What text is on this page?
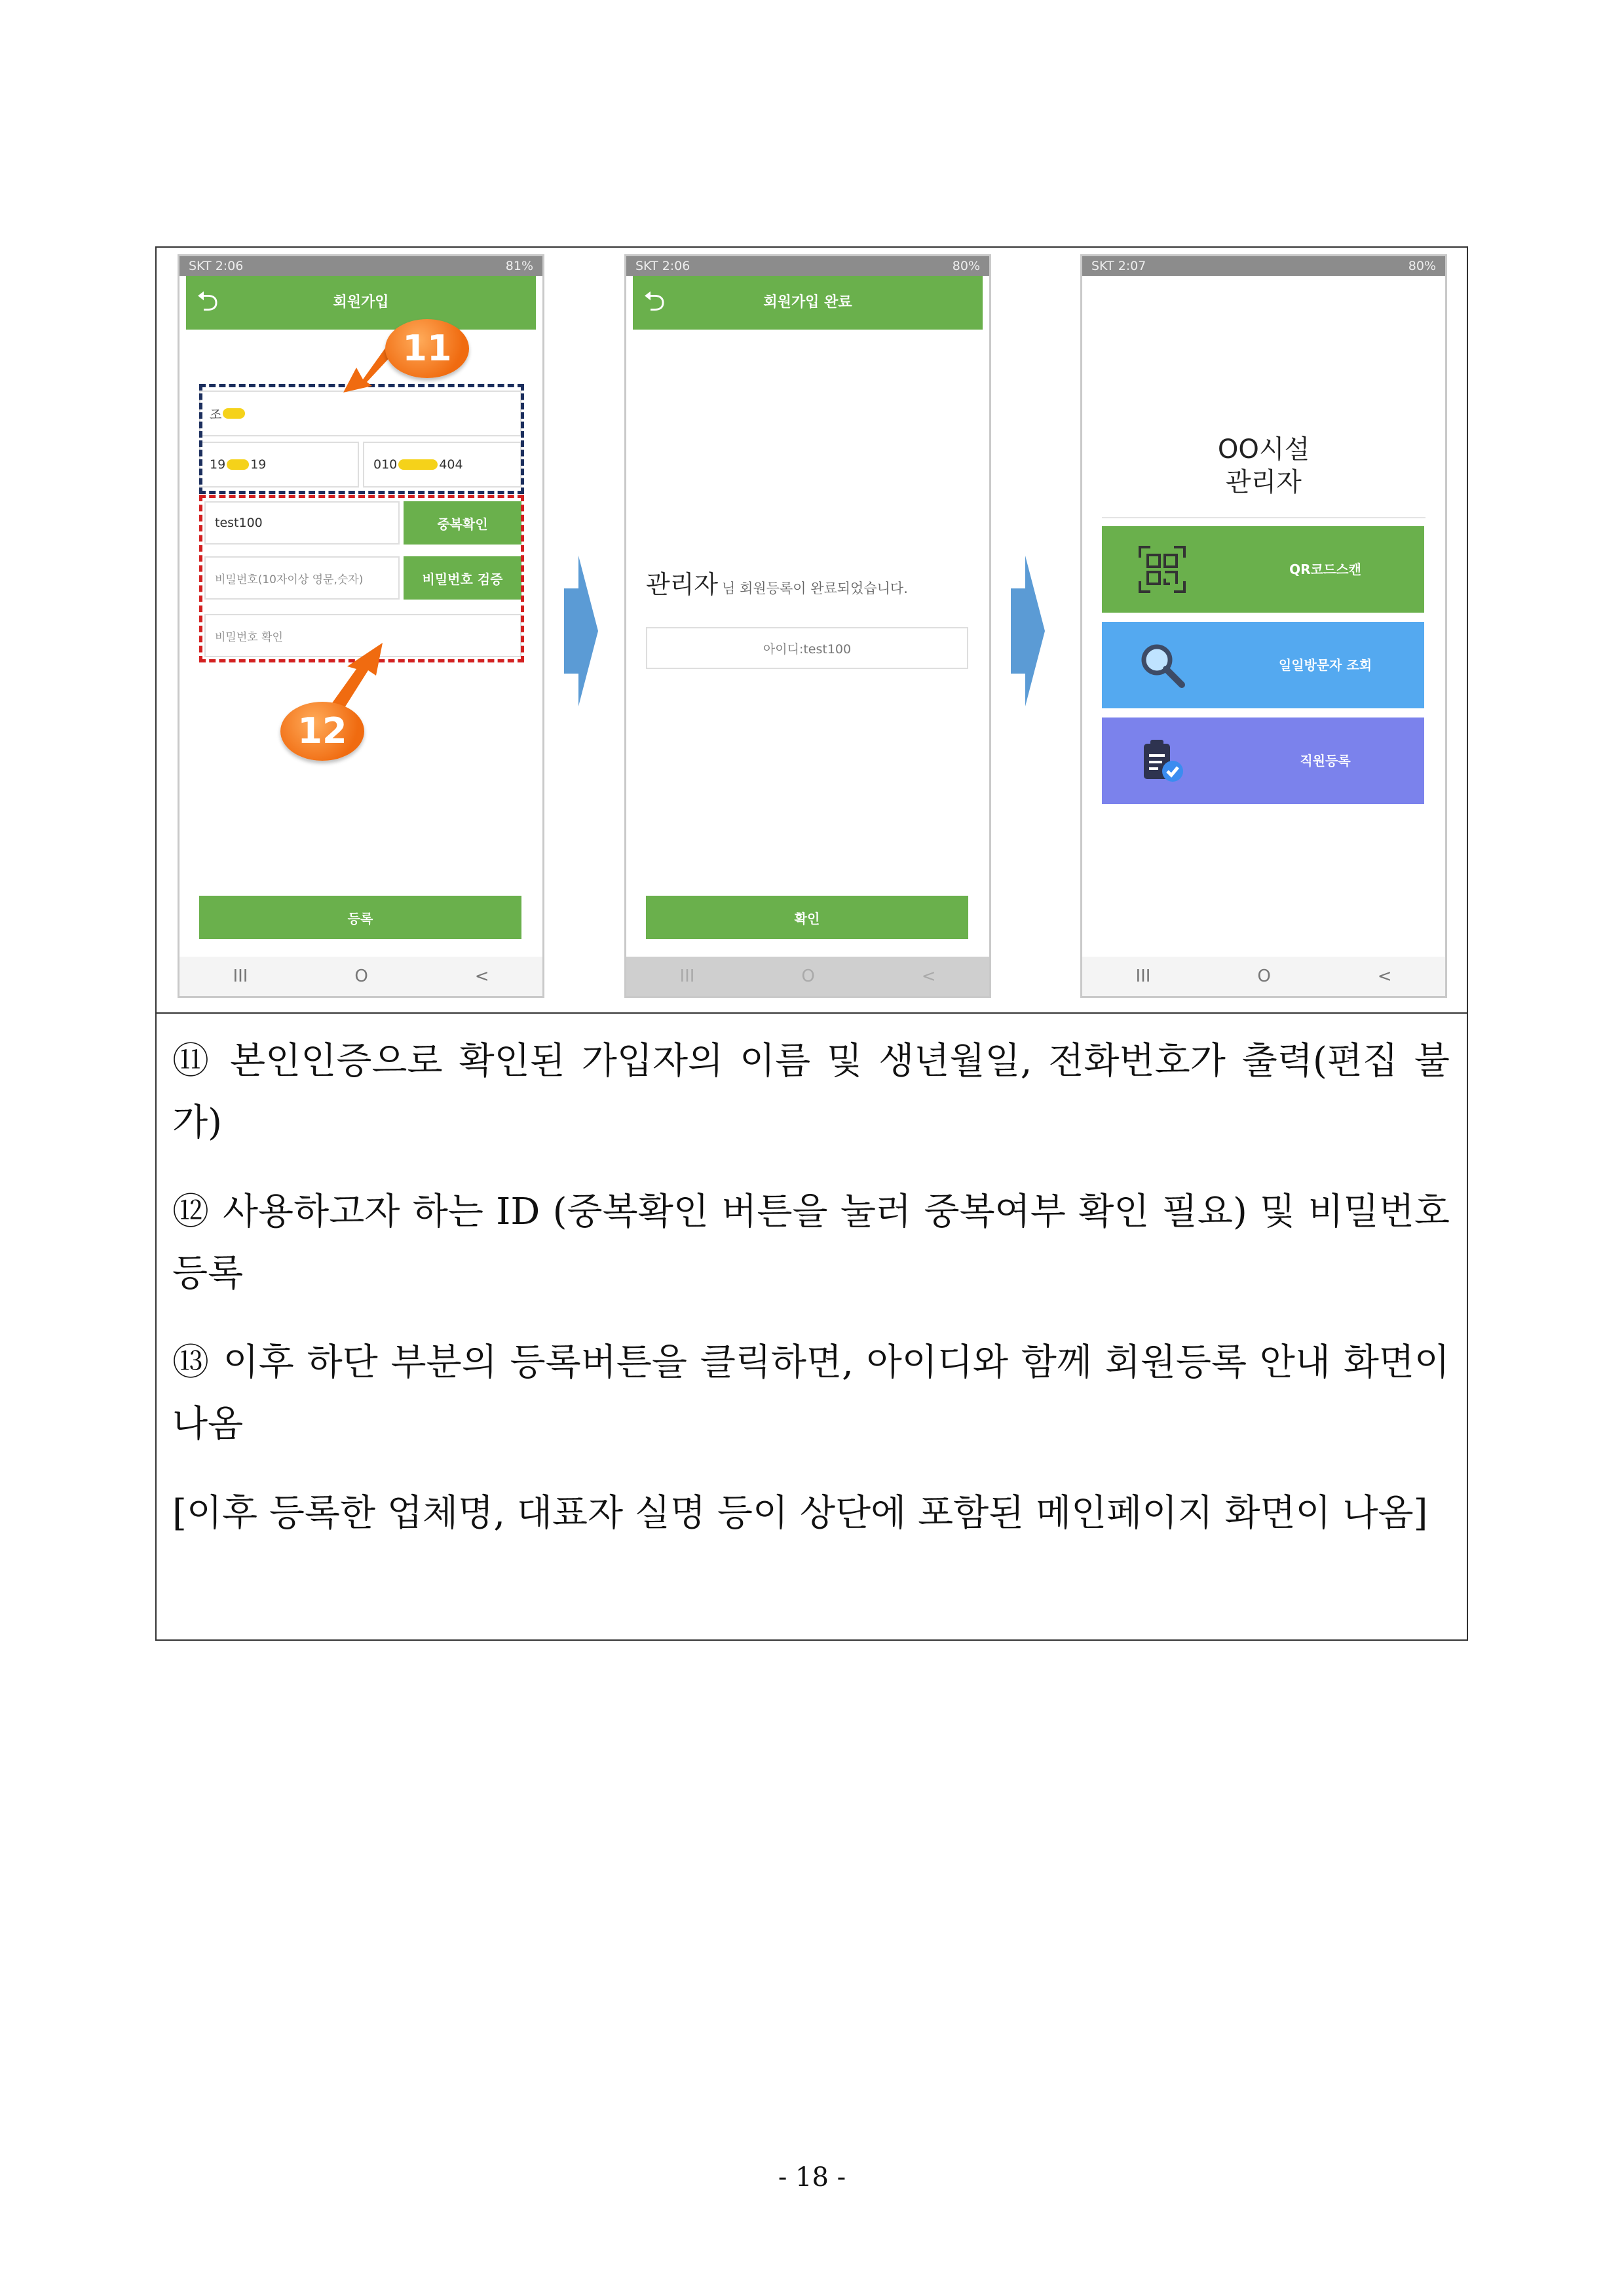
SKT 2:06	81%
⮌	회원가입
조
19 19	010	404
test100	중복확인
비밀번호(10자이상 영문,숫자)	비밀번호 검증
비밀번호 확인
11
12
등록
III	O	<
SKT 2:06	80%
⮌	회원가입 완료
관리자 님 회원등록이 완료되었습니다.
아이디:test100
확인
III	O	<
SKT 2:07	80%
OO시설
관리자
QR코드스캔
일일방문자 조회
직원등록
III	O	<

⑪ 본인인증으로 확인된 가입자의 이름 및 생년월일, 전화번호가 출력(편집 불가)

⑫ 사용하고자 하는 ID (중복확인 버튼을 눌러 중복여부 확인 필요) 및 비밀번호 등록

⑬ 이후 하단 부분의 등록버튼을 클릭하면, 아이디와 함께 회원등록 안내 화면이 나옴

[이후 등록한 업체명, 대표자 실명 등이 상단에 포함된 메인페이지 화면이 나옴]

- 18 -
